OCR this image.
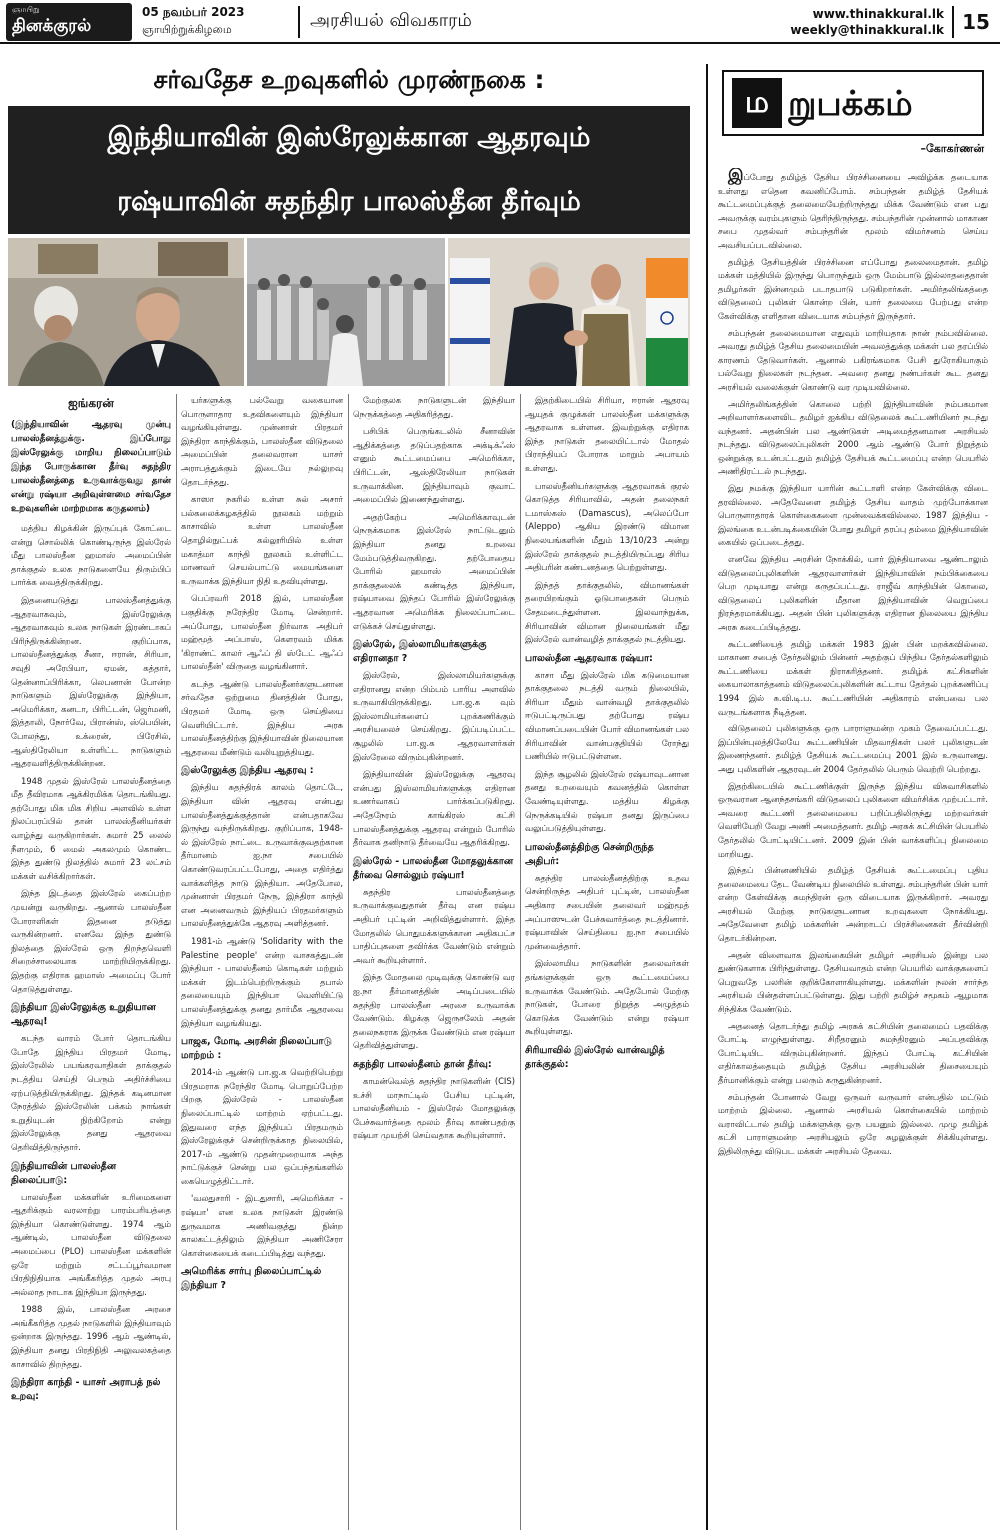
ஞாயிறு
தினக்குரல்
05 நவம்பர் 2023
ஞாயிற்றுக்கிழமை	அரசியல் விவகாரம்	www.thinakkural.lk
weekly@thinakkural.lk 15
சர்வதேச உறவுகளில் முரண்நகை :
இந்தியாவின் இஸ்ரேலுக்கான ஆதரவும்
ரஷ்யாவின் சுதந்திர பாலஸ்தீன தீர்வும்
ஐங்கரன்
(இந்தியாவின் ஆதரவு முன்பு பாலஸ்தீனத்துக்கு. இப்போது இஸ்ரேலுக்கு மாறிய நிலைப்பாடும் இந்த போருக்கான தீர்வு சுதந்திர பாலஸ்தீனத்தை உருவாக்குவது தான் என்று ரஷ்யா அறிவுள்ளமை சர்வதேச உறவுகளின் மாற்றமாக கருதலாம்)

மத்திய கிழக்கின் இருப்புக் கோட்டை என்று சொல்லிக் கொண்டிருந்த இஸ்ரேல் மீது பாலஸ்தீன ஹமாஸ் அமைப்பின் தாக்குதல் உலக நாடுகளையே திரும்பிப் பார்க்க வைத்திருக்கிறது.

இதனையடுத்து பாலஸ்தீனத்துக்கு ஆதரவாகவும், இஸ்ரேலுக்கு ஆதரவாகவும் உலக நாடுகள் இரண்டாகப் பிரிந்திருக்கின்றன. குறிப்பாக, பாலஸ்தீனத்துக்கு சீனா, ஈரான், சிரியா, சவுதி அரேபியா, ஏமன், கத்தார், தென்னாப்பிரிக்கா, லெபனான் போன்ற நாடுகளும் இஸ்ரேலுக்கு இந்தியா, அமெரிக்கா, கனடா, பிரிட்டன், ஜெர்மனி, இத்தாலி, நோர்வே, பிரான்ஸ், ஸ்பெயின், போலந்து, உக்ரைன், பிரேசில், ஆஸ்திரேலியா உள்ளிட்ட நாடுகளும் ஆதரவளித்திருக்கின்றன.

1948 முதல் இஸ்ரேல் பாலஸ்தீனத்தை மீத தீவிரமாக ஆக்கிரமிக்க தொடங்கியது. தற்போது மிக மிக சிறிய அளவில் உள்ள நிலப்பரப்பில் தான் பாலஸ்தீனியர்கள் வாழ்ந்து வருகிறார்கள். சுமார் 25 லைல் நீளமும், 6 மைல் அகலமும் கொண்ட இந்த துண்டு நிலத்தில் சுமார் 23 லட்சம் மக்கள் வசிக்கிறார்கள்.

இந்த இடத்தை இஸ்ரேல் கைப்பற்ற முயன்று வருகிறது. ஆனால் பாலஸ்தீன போராளிகள் இதனை தடுத்து வருகின்றனர். எனவே இந்த துண்டு நிலத்தை இஸ்ரேல் ஒரு திறந்தவெளி சிறைச்சாலையாக மாற்றியிருக்கிறது. இதற்கு எதிராக ஹமாஸ் அமைப்பு போர் தொடுத்துள்ளது.

இந்தியா இஸ்ரேலுக்கு உறுதியான ஆதரவு!

கடந்த வாரம் போர் தொடங்கிய போதே இந்திய பிரதமர் மோடி, இஸ்ரேலில் பயங்கரவாதிகள் தாக்குதல் நடத்திய செய்தி பெரும் அதிர்ச்சியை ஏற்படுத்தியிருக்கிறது. இந்தக் கடினமான நேரத்தில் இஸ்ரேலின் பக்கம் நாங்கள் உறுதியுடன் நிற்கிறோம் என்று இஸ்ரேலுக்கு தனது ஆதரவை தெரிவித்திருந்தார்.

இந்தியாவின் பாலஸ்தீன நிலைப்பாடு:

பாலஸ்தீன மக்களின் உரிமைகளை ஆதரிக்கும் வரலாற்று பாரம்பரியத்தை இந்தியா கொண்டுள்ளது. 1974 ஆம் ஆண்டில், பாலஸ்தீன விடுதலை அமைப்பை (PLO) பாலஸ்தீன மக்களின் ஒரே மற்றும் சட்டப்பூர்வமான பிரதிநிதியாக அங்கீகரித்த முதல் அரபு அல்லாத நாடாக இந்தியா இருந்தது.

1988 இல், பாலஸ்தீன அரசை அங்கீகரித்த முதல் நாடுகளில் இந்தியாவும் ஒன்றாக இருந்தது. 1996 ஆம் ஆண்டில், இந்தியா தனது பிரதிநிதி அலுவலகத்தை காசாவில் திறந்தது.

இந்திரா காந்தி - யாசர் அராபத் நல் உறவு:

யர்களுக்கு பல்வேறு வகையான பொருளாதார உதவிகளையும் இந்தியா வழங்கியுள்ளது. முன்னாள் பிரதமர் இந்திரா காந்திக்கும், பாலஸ்தீன விடுதலை அமைப்பின் தலைவரான யாசர் அராபத்துக்கும் இடையே நல்லுறவு தொடர்ந்தது.

காஸா நகரில் உள்ள சுல் அசார் பல்கலைக்கழகத்தில் நூலகம் மற்றும் காசாவில் உள்ள பாலஸ்தீன தொழில்நுட்பக் கல்லூரியில் உள்ள மகாத்மா காந்தி நூலகம் உள்ளிட்ட மாணவர் செயல்பாட்டு மையங்களை உருவாக்க இந்தியா நிதி உதவியுள்ளது.

பெப்ரவரி 2018 இல், பாலஸ்தீன பகுதிக்கு நரேந்திர மோடி சென்றார். அப்போது, பாலஸ்தீன நிர்வாக அதிபர் மஹ்மூத் அப்பாஸ், கௌரவம் மிக்க 'கிராண்ட் காலர் ஆஃப் தி ஸ்டேட் ஆஃப் பாலஸ்தீன்' விருதை வழங்கினார்.

கடந்த ஆண்டு பாலஸ்தீனர்களுடனான சர்வதேச ஒற்றுமை தினத்தின் போது, பிரதமர் மோடி ஒரு செய்தியை வெளியிட்டார். இந்திய அரசு பாலஸ்தீனத்திற்கு இந்தியாவின் நிலையான ஆதரவை மீண்டும் வலியுறுத்தியது.

இஸ்ரேலுக்கு இந்திய ஆதரவு :

இந்திய சுதந்திரக் காலம் தொட்டே, இந்தியா வின் ஆதரவு என்பது பாலஸ்தீனத்துக்குத்தான் என்பதாகவே இருந்து வந்திருக்கிறது. குறிப்பாக, 1948-ல் இஸ்ரேல் நாட்டை உருவாக்குவதற்கான தீர்மானம் ஐ.நா சபையில் கொண்டுவரப்பட்டபோது, அதை எதிர்த்து வாக்களித்த நாடு இந்தியா. அதேபோல, முன்னாள் பிரதமர் நேரு, இந்திரா காந்தி என அனைவரும் இந்தியப் பிரதமர்களும் பாலஸ்தீனத்துக்கே ஆதரவு அளித்தனர்.

1981-ம் ஆண்டு 'Solidarity with the Palestine people' என்ற வாசகத்துடன் இந்தியா - பாலஸ்தீனம் கொடிகள் மற்றும் மக்கள் இடம்பெற்றிருக்கும் தபால் தலையையும் இந்தியா வெளியிட்டு பாலஸ்தீனத்துக்கு தனது தார்மீக ஆதரவை இந்தியா வழங்கியது.

பாஜக, மோடி அரசின் நிலைப்பாடு மாற்றம் :

2014-ம் ஆண்டு பா.ஜ.க வெற்றிபெற்று பிரதமராக நரேந்திர மோடி பொறுப்பேற்ற பிறகு இஸ்ரேல் - பாலஸ்தீன நிலைப்பாட்டில் மாற்றம் ஏற்பட்டது. இதுவரை எந்த இந்தியப் பிரதமரும் இஸ்ரேலுக்குச் சென்றிருக்காத நிலையில், 2017-ம் ஆண்டு முதன்முறையாக அந்த நாட்டுக்குச் சென்று பல ஒப்பந்தங்களில் கையெழுத்திட்டார்.

'வலதுசாரி - இடதுசாரி, அமெரிக்கா - ரஷ்யா' என உலக நாடுகள் இரண்டு துருவமாக அணிவகுத்து நின்ற காலகட்டத்திலும் இந்தியா அணிசேரா கொள்கையைக் கடைப்பிடித்து வந்தது.

அமெரிக்க சார்பு நிலைப்பாட்டில் இந்தியா ?

மேற்குலக நாடுகளுடன் இந்தியா நெருக்கத்தை அதிகரித்தது.

பசிபிக் பெருங்கடலில் சீனாவின் ஆதிக்கத்தை தடுப்பதற்காக அக்டிக்ஃஸ் எனும் கூட்டமைப்பை அமெரிக்கா, பிரிட்டன், ஆஸ்திரேலியா நாடுகள் உருவாக்கின. இந்தியாவும் குவாட் அமைப்பில் இணைந்துள்ளது.

அதற்கேற்ப அமெரிக்காவுடன் நெருக்கமாக இஸ்ரேல் நாட்டுடனும் இந்தியா தனது உறவை மேம்படுத்திவருகிறது. தற்போதைய போரில் ஹமாஸ் அமைப்பின் தாக்குதலைக் கண்டித்த இந்தியா, ரஷ்யாவை இந்தப் போரில் இஸ்ரேலுக்கு ஆதரவான அமெரிக்க நிலைப்பாட்டை எடுக்கச் செய்துள்ளது.

இஸ்ரேல், இஸ்லாமியர்களுக்கு எதிரானதா ?

இஸ்ரேல், இஸ்லாமியர்களுக்கு எதிரானது என்ற பிம்பம் பாரிய அளவில் உருவாகியிருக்கிறது. பா.ஜ.க வும் இஸ்லாமியர்களைப் புறக்கணிக்கும் அரசியலைச் செய்கிறது. இப்படிப்பட்ட சூழலில் பா.ஜ.க ஆதரவாளர்கள் இஸ்ரேலை விரும்புகின்றனர்.

இந்தியாவின் இஸ்ரேலுக்கு ஆதரவு என்பது இஸ்லாமியர்களுக்கு எதிரான உணர்வாகப் பார்க்கப்படுகிறது. அதேநேரம் காங்கிரஸ் கட்சி பாலஸ்தீனத்துக்கு ஆதரவு என்றும் போரில் தீர்வாக தனிநாடு தீர்வையே ஆதரிக்கிறது.

இஸ்ரேல் - பாலஸ்தீன மோதலுக்கான தீர்வை சொல்லும் ரஷ்யா!

சுதந்திர பாலஸ்தீனத்தை உருவாக்குவதுதான் தீர்வு என ரஷ்ய அதிபர் புட்டின் அறிவித்துள்ளார். இந்த மோதலில் பொதுமக்களுக்கான அதிகபட்ச பாதிப்புகளை தவிர்க்க வேண்டும் என்றும் அவர் கூறியுள்ளார்.

இந்த மோதலை முடிவுக்கு கொண்டு வர ஐ.நா தீர்மானத்தின் அடிப்படையில் சுதந்திர பாலஸ்தீன அரசை உருவாக்க வேண்டும். கிழக்கு ஜெருசலேம் அதன் தலைநகராக இருக்க வேண்டும் என ரஷ்யா தெரிவித்துள்ளது.

சுதந்திர பாலஸ்தீனம் தான் தீர்வு:

காமன்வெல்த் சுதந்திர நாடுகளின் (CIS) உச்சி மாநாட்டில் பேசிய புட்டின், பாலஸ்தீனியம் - இஸ்ரேல் மோதலுக்கு பேச்சுவார்த்தை மூலம் தீர்வு காண்பதற்கு ரஷ்யா முயற்சி செய்வதாக கூறியுள்ளார்.

இதற்கிடையில் சிரியா, ஈரான் ஆதரவு ஆயுதக் குழுக்கள் பாலஸ்தீன மக்களுக்கு ஆதரவாக உள்ளன. இவற்றுக்கு எதிராக இந்த நாடுகள் தலையிட்டால் மோதல் பிராந்தியப் போராக மாறும் அபாயம் உள்ளது.

பாலஸ்தீனியர்களுக்கு ஆதரவாகக் குரல் கொடுத்த சிரியாவில், அதன் தலைநகர் டமாஸ்கஸ் (Damascus), அலெப்போ (Aleppo) ஆகிய இரண்டு விமான நிலையங்களின் மீதும் 13/10/23 அன்று இஸ்ரேல் தாக்குதல் நடத்தியிருப்பது சிரிய அதிபரின் கண்டனத்தை பெற்றுள்ளது.

இந்தத் தாக்குதலில், விமானங்கள் தரையிறங்கும் ஓடுபாதைகள் பெரும் சேதமடைந்துள்ளன. இலவாந்நுக்க, சிரியாவின் விமான நிலையங்கள் மீது இஸ்ரேல் வான்வழித் தாக்குதல் நடத்தியது.

பாலஸ்தீன ஆதரவாக ரஷ்யா:

காசா மீது இஸ்ரேல் மிக கடுமையான தாக்குதலை நடத்தி வரும் நிலையில், சிரியா மீதும் வான்வழி தாக்குதலில் ஈடுபட்டிருப்பது தற்போது ரஷ்ய விமானப்படையின் போர் விமானங்கள் பல சிரியாவின் வான்பகுதியில் ரோந்து பணியில் ஈடுபட்டுள்ளன.

இந்த சூழலில் இஸ்ரேல் ரஷ்யாவுடனான தனது உறவையும் கவனத்தில் கொள்ள வேண்டியுள்ளது. மத்திய கிழக்கு நெருக்கடியில் ரஷ்யா தனது இருப்பை வலுப்படுத்தியுள்ளது.

பாலஸ்தீனத்திற்கு சென்றிருந்த அதிபர்:

சுதந்திர பாலஸ்தீனத்திற்கு உதவ சென்றிருந்த அதிபர் புட்டின், பாலஸ்தீன அதிகார சபையின் தலைவர் மஹ்மூத் அப்பாஸுடன் பேச்சுவார்த்தை நடத்தினார். ரஷ்யாவின் செய்தியை ஐ.நா சபையில் முன்வைத்தார்.

இஸ்லாமிய நாடுகளின் தலைவர்கள் தங்களுக்குள் ஒரு கூட்டமைப்பை உருவாக்க வேண்டும். அதேபோல் மேற்கு நாடுகள், போரை நிறுத்த அழுத்தம் கொடுக்க வேண்டும் என்று ரஷ்யா கூறியுள்ளது.

சிரியாவில் இஸ்ரேல் வான்வழித் தாக்குதல்:
ம றுபக்கம்
–கோகர்ணன்

இப்போது தமிழ்த் தேசிய பிரச்சினையை அவிழ்க்க தடையாக உள்ளது எதென கவனிப்போம். சம்பந்தன் தமிழ்த் தேசியக் கூட்டமைப்புக்குத் தலைமையேற்றிருந்தது மிக்க வேண்டும் என பது அவருக்கு வரம்புகளும் தெரிந்திருந்தது. சம்பந்தரின் முன்னால் மாகாண சபை முதல்வர் சம்பந்தரின் மூலம் விமர்சனம் செய்ய அவசியப்படவில்லை.

தமிழ்த் தேசியத்தின் பிரச்சினை எப்போது தலைமைதான். தமிழ் மக்கள் மத்தியில் இருந்து பொருந்தும் ஒரு மேம்பாடு இல்லாததைதான் தமிழர்கள் இன்னமும் படாதபாடு படுகிறார்கள். அமிர்தலிங்கத்தை விடுதலைப் புலிகள் கொன்ற பின், யார் தலைமை பேற்பது என்ற கேள்விக்கு எளிதான விடையாக சம்பந்தர் இருந்தார்.

சம்பந்தன் தலைமையான எதுவும் மாறியதாக நான் நம்பவில்லை. அவரது தமிழ்த் தேசிய தலைமையின் அவலத்துக்கு மக்கள் பல தரப்பில் காரணம் தேடுவார்கள். ஆனால் பகிரங்கமாக பேசி துரோகியாகும் பல்வேறு நிலைகள் நடந்தன. அவரை தனது நண்பர்கள் கூட தனது அரசியல் வலைக்குள் கொண்டு வர முடியவில்லை.

அமிர்தலிங்கத்தின் கொலை பற்றி இந்தியாவின் நம்பகமான அறிவாளர்களைவிட தமிழர் ஐக்கிய விடுதலைக் கூட்டணியினர் நடந்து வந்தனர். அதன்பின் பல ஆண்டுகள் அடிமைத்தனமான அரசியல் நடந்தது. விடுதலைப்புலிகள் 2000 ஆம் ஆண்டு போர் நிறுத்தம் ஒன்றுக்கு உடன்பட்டதும் தமிழ்த் தேசியக் கூட்டமைப்பு என்ற பெயரில் அணிதிரட்டல் நடந்தது.

இது நமக்கு இந்தியா யாரின் கூட்டாளி என்ற கேள்விக்கு விடை தரவில்லை. அதேவேளை தமிழ்த் தேசிய வாதம் முற்போக்கான பொருளாதாரக் கொள்கைகளை முன்வைக்கவில்லை. 1987 இந்திய - இலங்கை உடன்படிக்கையின் போது தமிழர் தரப்பு தம்மை இந்தியாவின் கையில் ஒப்படைத்தது.

எனவே இந்திய அரசின் நோக்கில், யார் இந்தியாவை ஆண்டாலும் விடுதலைப்புலிகளின் ஆதரவாளர்கள் இந்தியாவின் நம்பிக்கையை பெற முடியாது என்று கருதப்பட்டது. ராஜீவ் காந்தியின் கொலை, விடுதலைப் புலிகளின் மீதான இந்தியாவின் வெறுப்பை நிரந்தரமாக்கியது. அதன் பின் புலிகளுக்கு எதிரான நிலையை இந்திய அரசு கடைப்பிடித்தது.

கூட்டணியைத் தமிழ் மக்கள் 1983 இன் பின் மறக்கவில்லை. மாகாண சபைத் தேர்தலிலும் பின்னர் அதற்குப் பிந்திய தேர்தல்களிலும் கூட்டணியை மக்கள் நிராகரித்தனர். தமிழ்க் கட்சிகளின் கையாலாகாத்தனம் விடுதலைப்புலிகளின் கட்டாய தேர்தல் புறக்கணிப்பு 1994 இல் சு.வி.டி.ப. கூட்டணியின் அதிகாரம் என்பவை பல வருடங்களாக நீடித்தன.

விடுதலைப் புலிகளுக்கு ஒரு பாராளுமன்ற முகம் தேவைப்பட்டது. இப்பின்புலத்திலேயே கூட்டணியின் மிதவாதிகள் பலர் புலிகளுடன் இணைந்தனர். தமிழ்த் தேசியக் கூட்டமைப்பு 2001 இல் உருவானது. அது புலிகளின் ஆதரவுடன் 2004 தேர்தலில் பெரும் வெற்றி பெற்றது.

இதற்கிடையில் கூட்டணிக்குள் இருந்த இந்திய விசுவாசிகளில் ஒருவரான ஆனந்தசங்கரி விடுதலைப் புலிகளை விமர்சிக்க முற்பட்டார். அவரை கூட்டணி தலைமையை பறிப்பதிலிருந்து மற்றவர்கள் வெளியேறி வேறு அணி அமைத்தனர். தமிழ் அரசுக் கட்சியின் பெயரில் தேர்தலில் போட்டியிட்டனர். 2009 இன் பின் வாக்களிப்பு நிலைமை மாறியது.

இந்தப் பின்னணியில் தமிழ்த் தேசியக் கூட்டமைப்பு புதிய தலைமையை தேட வேண்டிய நிலையில் உள்ளது. சம்பந்தரின் பின் யார் என்ற கேள்விக்கு சுமந்திரன் ஒரு விடையாக இருக்கிறார். அவரது அரசியல் மேற்கு நாடுகளுடனான உறவுகளை நோக்கியது. அதேவேளை தமிழ் மக்களின் அன்றாடப் பிரச்சினைகள் தீர்வின்றி தொடர்கின்றன.

அதன் விளைவாக இலங்கையின் தமிழர் அரசியல் இன்று பல துண்டுகளாக பிரிந்துள்ளது. தேசியவாதம் என்ற பெயரில் வாக்குகளைப் பெறுவதே பலரின் குறிக்கோளாகியுள்ளது. மக்களின் நலன் சார்ந்த அரசியல் பின்தள்ளப்பட்டுள்ளது. இது பற்றி தமிழ்ச் சமூகம் ஆழமாக சிந்திக்க வேண்டும்.

அதனைத் தொடர்ந்து தமிழ் அரசுக் கட்சியின் தலைமைப் பதவிக்கு போட்டி எழுந்துள்ளது. சிறீதரனும் சுமந்திரனும் அப்பதவிக்கு போட்டியிட விரும்புகின்றனர். இந்தப் போட்டி கட்சியின் எதிர்காலத்தையும் தமிழ்த் தேசிய அரசியலின் திசையையும் தீர்மானிக்கும் என்று பலரும் கருதுகின்றனர்.

சம்பந்தன் போனால் வேறு ஒருவர் வருவார் என்பதில் மட்டும் மாற்றம் இல்லை. ஆனால் அரசியல் கொள்கையில் மாற்றம் வராவிட்டால் தமிழ் மக்களுக்கு ஒரு பயனும் இல்லை. முழு தமிழ்க் கட்சி பாராளுமன்ற அரசியலும் ஒரே சுழலுக்குள் சிக்கியுள்ளது. இதிலிருந்து விடுபட மக்கள் அரசியல் தேவை.
